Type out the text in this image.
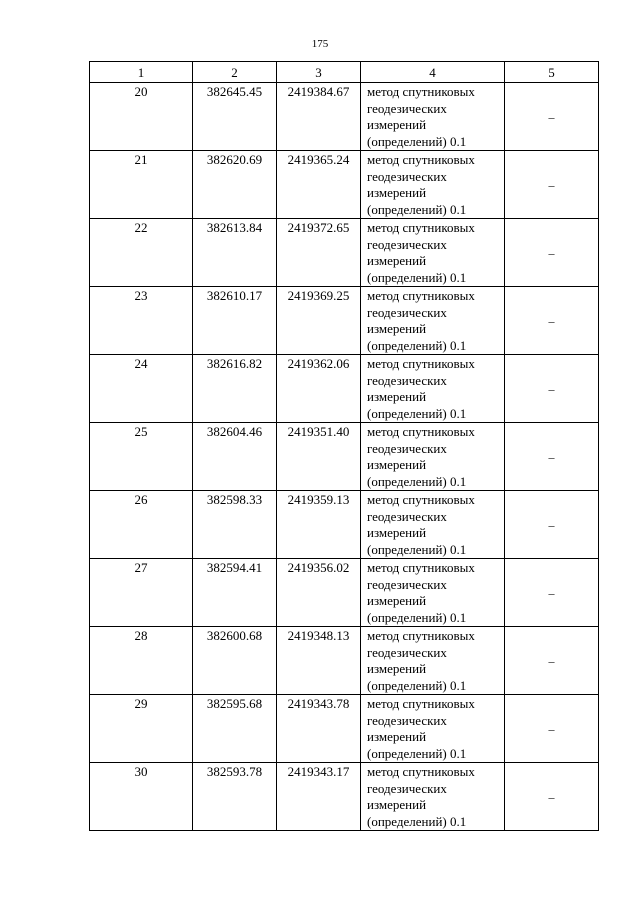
175
1	2	3	4	5
20	382645.45	2419384.67	метод спутниковых
геодезических
измерений
(определений) 0.1	–
21	382620.69	2419365.24	метод спутниковых
геодезических
измерений
(определений) 0.1	–
22	382613.84	2419372.65	метод спутниковых
геодезических
измерений
(определений) 0.1	–
23	382610.17	2419369.25	метод спутниковых
геодезических
измерений
(определений) 0.1	–
24	382616.82	2419362.06	метод спутниковых
геодезических
измерений
(определений) 0.1	–
25	382604.46	2419351.40	метод спутниковых
геодезических
измерений
(определений) 0.1	–
26	382598.33	2419359.13	метод спутниковых
геодезических
измерений
(определений) 0.1	–
27	382594.41	2419356.02	метод спутниковых
геодезических
измерений
(определений) 0.1	–
28	382600.68	2419348.13	метод спутниковых
геодезических
измерений
(определений) 0.1	–
29	382595.68	2419343.78	метод спутниковых
геодезических
измерений
(определений) 0.1	–
30	382593.78	2419343.17	метод спутниковых
геодезических
измерений
(определений) 0.1	–
